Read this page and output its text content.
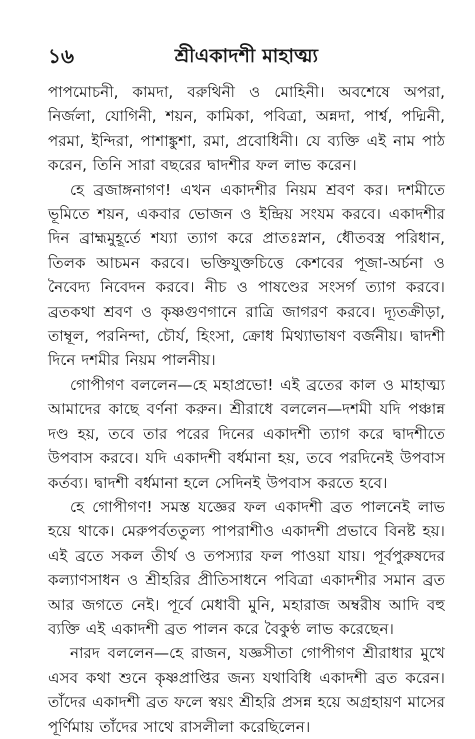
১৬	শ্রীএকাদশী মাহাত্ম্য

পাপমোচনী, কামদা, বরুথিনী ও মোহিনী। অবশেষে অপরা, নির্জলা, যোগিনী, শয়ন, কামিকা, পবিত্রা, অন্নদা, পার্শ্ব, পদ্মিনী, পরমা, ইন্দিরা, পাশাঙ্কুশা, রমা, প্রবোধিনী। যে ব্যক্তি এই নাম পাঠ করেন, তিনি সারা বছরের দ্বাদশীর ফল লাভ করেন।

হে ব্রজাঙ্গনাগণ! এখন একাদশীর নিয়ম শ্রবণ কর। দশমীতে ভূমিতে শয়ন, একবার ভোজন ও ইন্দ্রিয় সংযম করবে। একাদশীর দিন ব্রাহ্মমুহূর্তে শয্যা ত্যাগ করে প্রাতঃস্নান, ধৌতবস্ত্র পরিধান, তিলক আচমন করবে। ভক্তিযুক্তচিত্তে কেশবের পূজা-অর্চনা ও নৈবেদ্য নিবেদন করবে। নীচ ও পাষণ্ডের সংসর্গ ত্যাগ করবে। ব্রতকথা শ্রবণ ও কৃষ্ণগুণগানে রাত্রি জাগরণ করবে। দ্যূতক্রীড়া, তাম্বূল, পরনিন্দা, চৌর্য, হিংসা, ক্রোধ মিথ্যাভাষণ বর্জনীয়। দ্বাদশী দিনে দশমীর নিয়ম পালনীয়।

গোপীগণ বললেন—হে মহাপ্রভো! এই ব্রতের কাল ও মাহাত্ম্য আমাদের কাছে বর্ণনা করুন। শ্রীরাধে বললেন—দশমী যদি পঞ্চান্ন দণ্ড হয়, তবে তার পরের দিনের একাদশী ত্যাগ করে দ্বাদশীতে উপবাস করবে। যদি একাদশী বর্ধমানা হয়, তবে পরদিনেই উপবাস কর্তব্য। দ্বাদশী বর্ধমানা হলে সেদিনই উপবাস করতে হবে।

হে গোপীগণ! সমস্ত যজ্ঞের ফল একাদশী ব্রত পালনেই লাভ হয়ে থাকে। মেরুপর্বততুল্য পাপরাশীও একাদশী প্রভাবে বিনষ্ট হয়। এই ব্রতে সকল তীর্থ ও তপস্যার ফল পাওয়া যায়। পূর্বপুরুষদের কল্যাণসাধন ও শ্রীহরির প্রীতিসাধনে পবিত্রা একাদশীর সমান ব্রত আর জগতে নেই। পূর্বে মেধাবী মুনি, মহারাজ অম্বরীষ আদি বহু ব্যক্তি এই একাদশী ব্রত পালন করে বৈকুণ্ঠ লাভ করেছেন।

নারদ বললেন—হে রাজন, যজ্ঞসীতা গোপীগণ শ্রীরাধার মুখে এসব কথা শুনে কৃষ্ণপ্রাপ্তির জন্য যথাবিধি একাদশী ব্রত করেন। তাঁদের একাদশী ব্রত ফলে স্বয়ং শ্রীহরি প্রসন্ন হয়ে অগ্রহায়ণ মাসের পূর্ণিমায় তাঁদের সাথে রাসলীলা করেছিলেন।
